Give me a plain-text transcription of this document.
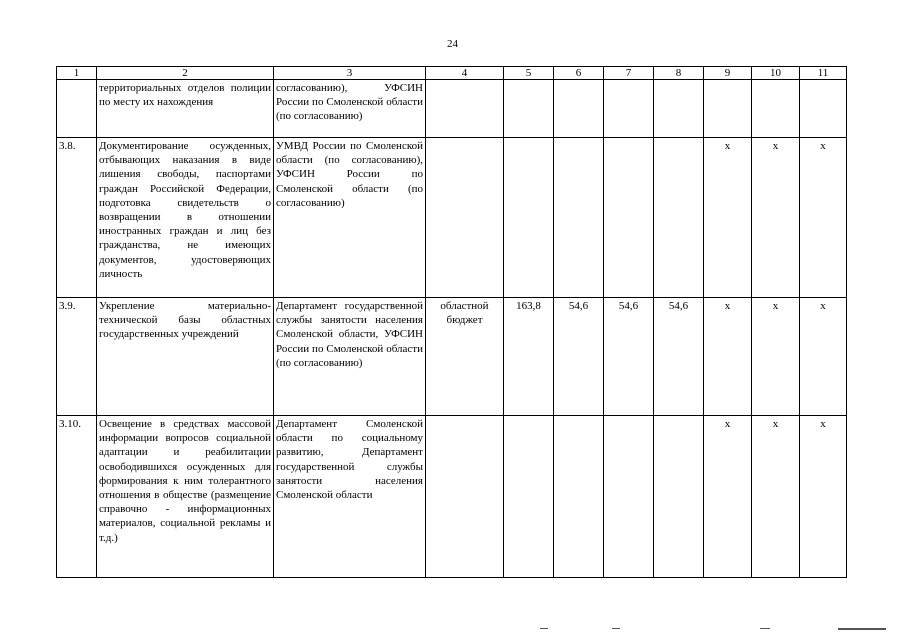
24
1	2	3	4	5	6	7	8	9	10	11
	территориальных отделов полиции по месту их нахождения	согласованию), УФСИН России по Смоленской области (по согласованию)								
3.8.	Документирование осужденных, отбывающих наказания в виде лишения свободы, паспортами граждан Российской Федерации, подготовка свидетельств о возвращении в отношении иностранных граждан и лиц без гражданства, не имеющих документов, удостоверяющих личность	УМВД России по Смоленской области (по согласованию), УФСИН России по Смоленской области (по согласованию)						x	x	x
3.9.	Укрепление материально-технической базы областных государственных учреждений	Департамент государственной службы занятости населения Смоленской области, УФСИН России по Смоленской области (по согласованию)	областной бюджет	163,8	54,6	54,6	54,6	x	x	x
3.10.	Освещение в средствах массовой информации вопросов социальной адаптации и реабилитации освободившихся осужденных для формирования к ним толерантного отношения в обществе (размещение справочно - информационных материалов, социальной рекламы и т.д.)	Департамент Смоленской области по социальному развитию, Департамент государственной службы занятости населения Смоленской области						x	x	x
